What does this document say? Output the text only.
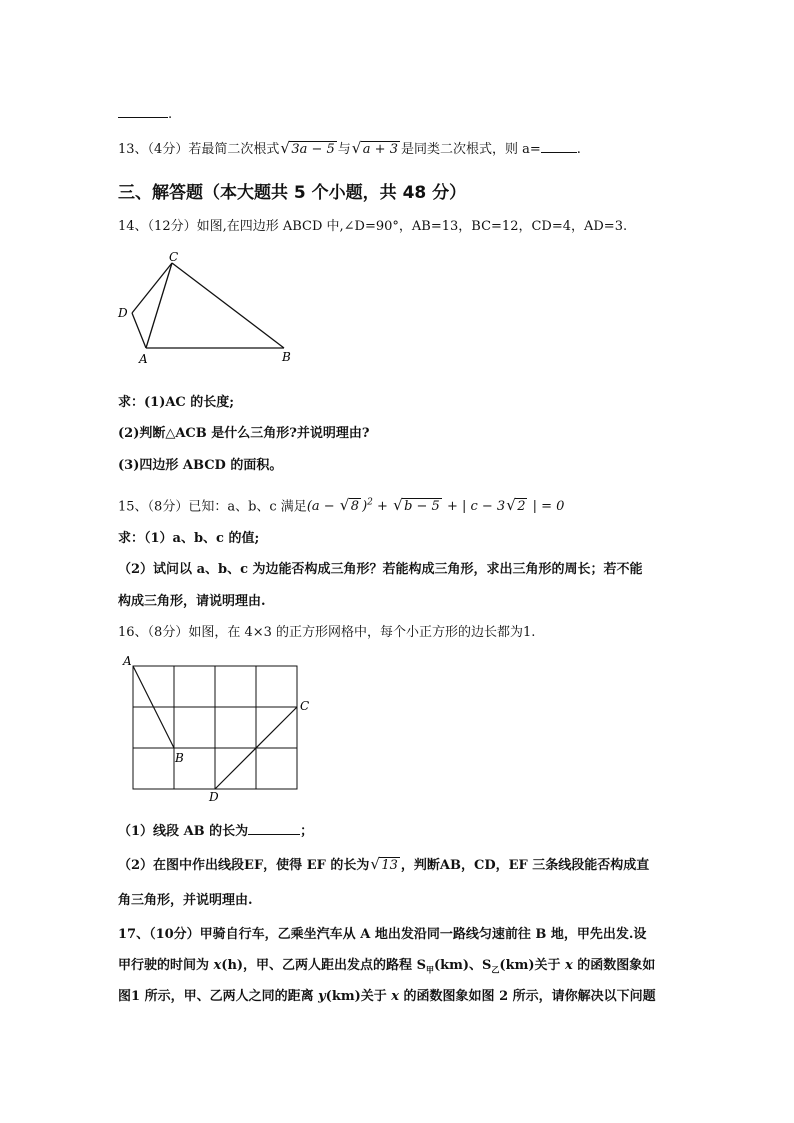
.
13、（4分）若最简二次根式 √ 3a − 5 与 √ a + 3 是同类二次根式，则 a=	.
三、解答题（本大题共 5 个小题，共 48 分）
14、（12分）如图,在四边形 ABCD 中,∠D=90°，AB=13，BC=12，CD=4，AD=3.
C
D
A	B
求：(1)AC 的长度;
(2)判断△ACB 是什么三角形?并说明理由?
(3)四边形 ABCD 的面积。
15、（8分）已知：a、b、c 满足(a − √ 8 )$^2$ + √ b − 5 + | c − 3 √ 2 | = 0
求：（1）a、b、c 的值;
（2）试问以 a、b、c 为边能否构成三角形？若能构成三角形，求出三角形的周长；若不能
构成三角形，请说明理由.
16、（8分）如图，在 4×3 的正方形网格中，每个小正方形的边长都为1.
A
B
C
D
（1）线段 AB 的长为	；
（2）在图中作出线段EF，使得 EF 的长为 √ 13 ，判断AB，CD，EF 三条线段能否构成直
角三角形，并说明理由.
17、（10分）甲骑自行车，乙乘坐汽车从 A 地出发沿同一路线匀速前往 B 地，甲先出发.设
甲行驶的时间为 x(h)，甲、乙两人距出发点的路程 $S_甲(km)$、$S_乙(km)$关于 x 的函数图象如
图1 所示，甲、乙两人之同的距离 y(km)关于 x 的函数图象如图 2 所示，请你解决以下问题
